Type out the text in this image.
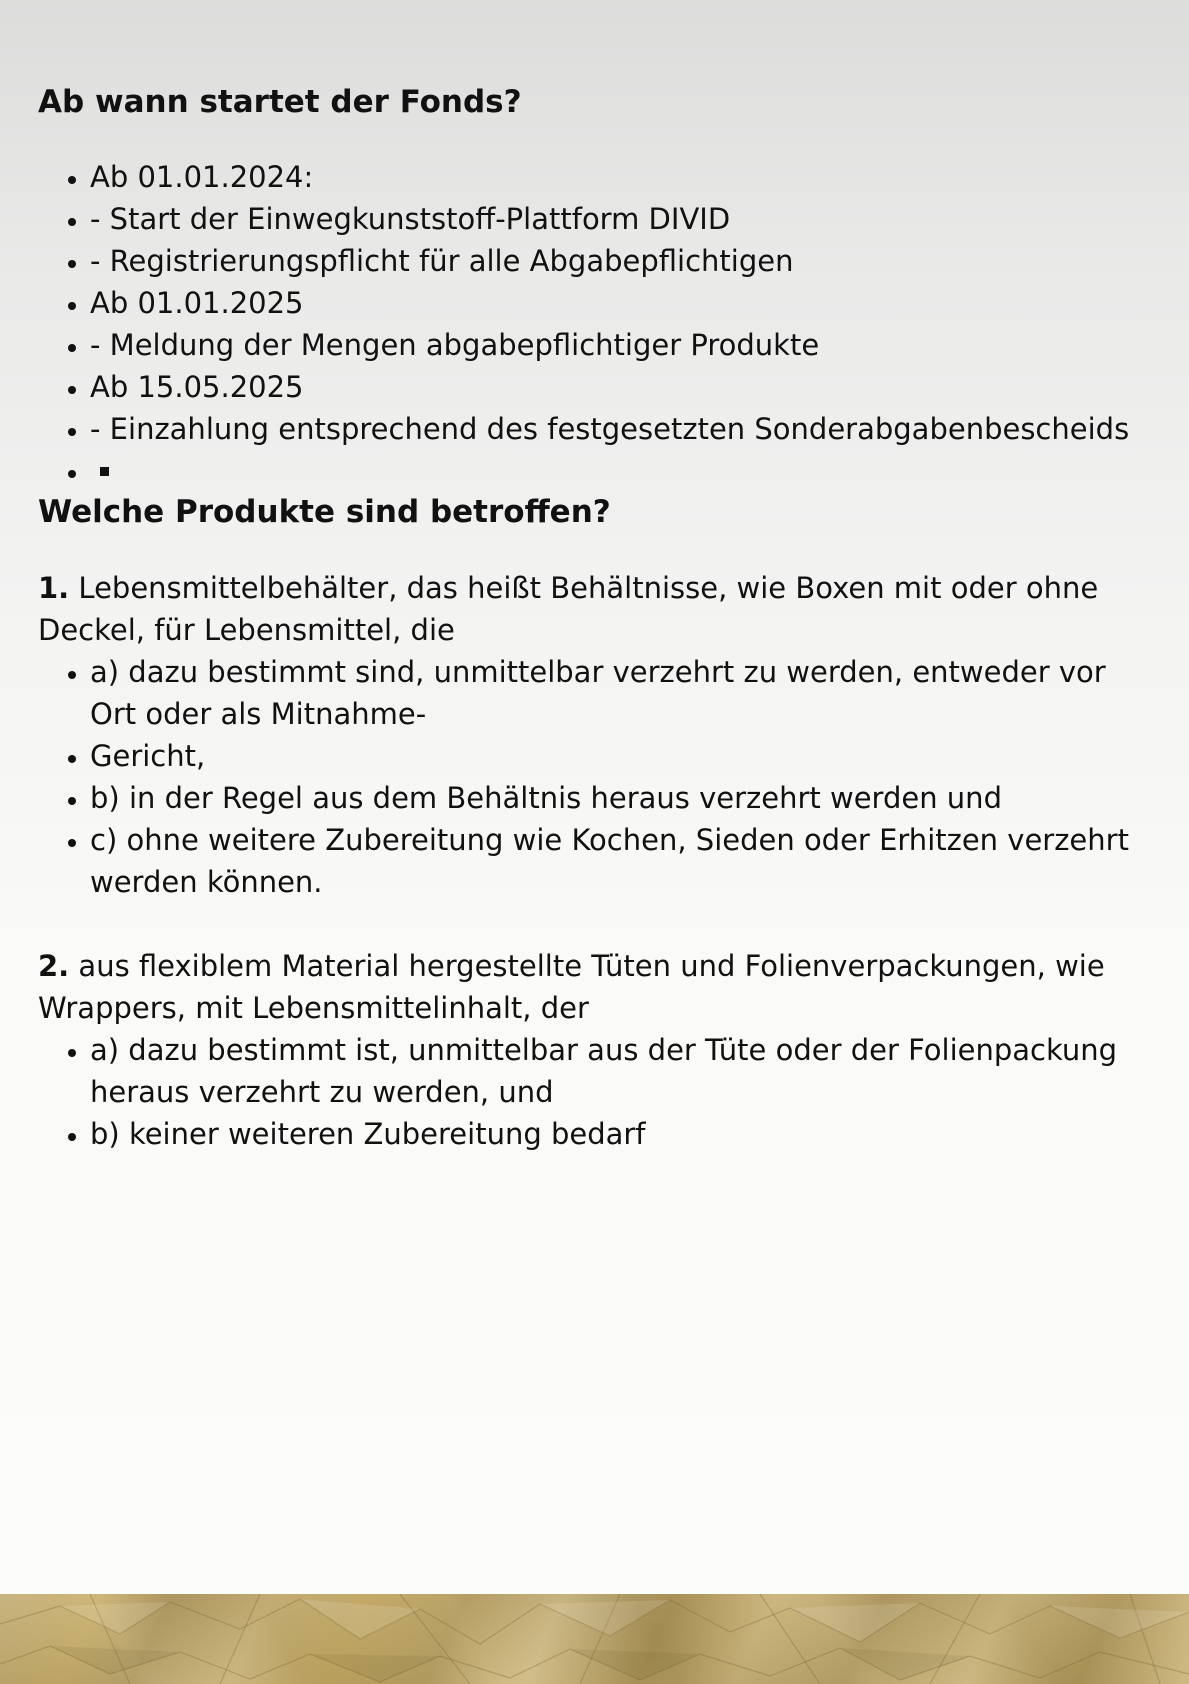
Ab wann startet der Fonds?
• Ab 01.01.2024:
• - Start der Einwegkunststoff-Plattform DIVID
• - Registrierungspflicht für alle Abgabepflichtigen
• Ab 01.01.2025
• - Meldung der Mengen abgabepflichtiger Produkte
• Ab 15.05.2025
• - Einzahlung entsprechend des festgesetzten Sonderabgabenbescheids
•
Welche Produkte sind betroffen?

1. Lebensmittelbehälter, das heißt Behältnisse, wie Boxen mit oder ohne Deckel, für Lebensmittel, die

• a) dazu bestimmt sind, unmittelbar verzehrt zu werden, entweder vor Ort oder als Mitnahme-
• Gericht,
• b) in der Regel aus dem Behältnis heraus verzehrt werden und
• c) ohne weitere Zubereitung wie Kochen, Sieden oder Erhitzen verzehrt werden können.

2. aus flexiblem Material hergestellte Tüten und Folienverpackungen, wie Wrappers, mit Lebensmittelinhalt, der

• a) dazu bestimmt ist, unmittelbar aus der Tüte oder der Folienpackung heraus verzehrt zu werden, und
• b) keiner weiteren Zubereitung bedarf
